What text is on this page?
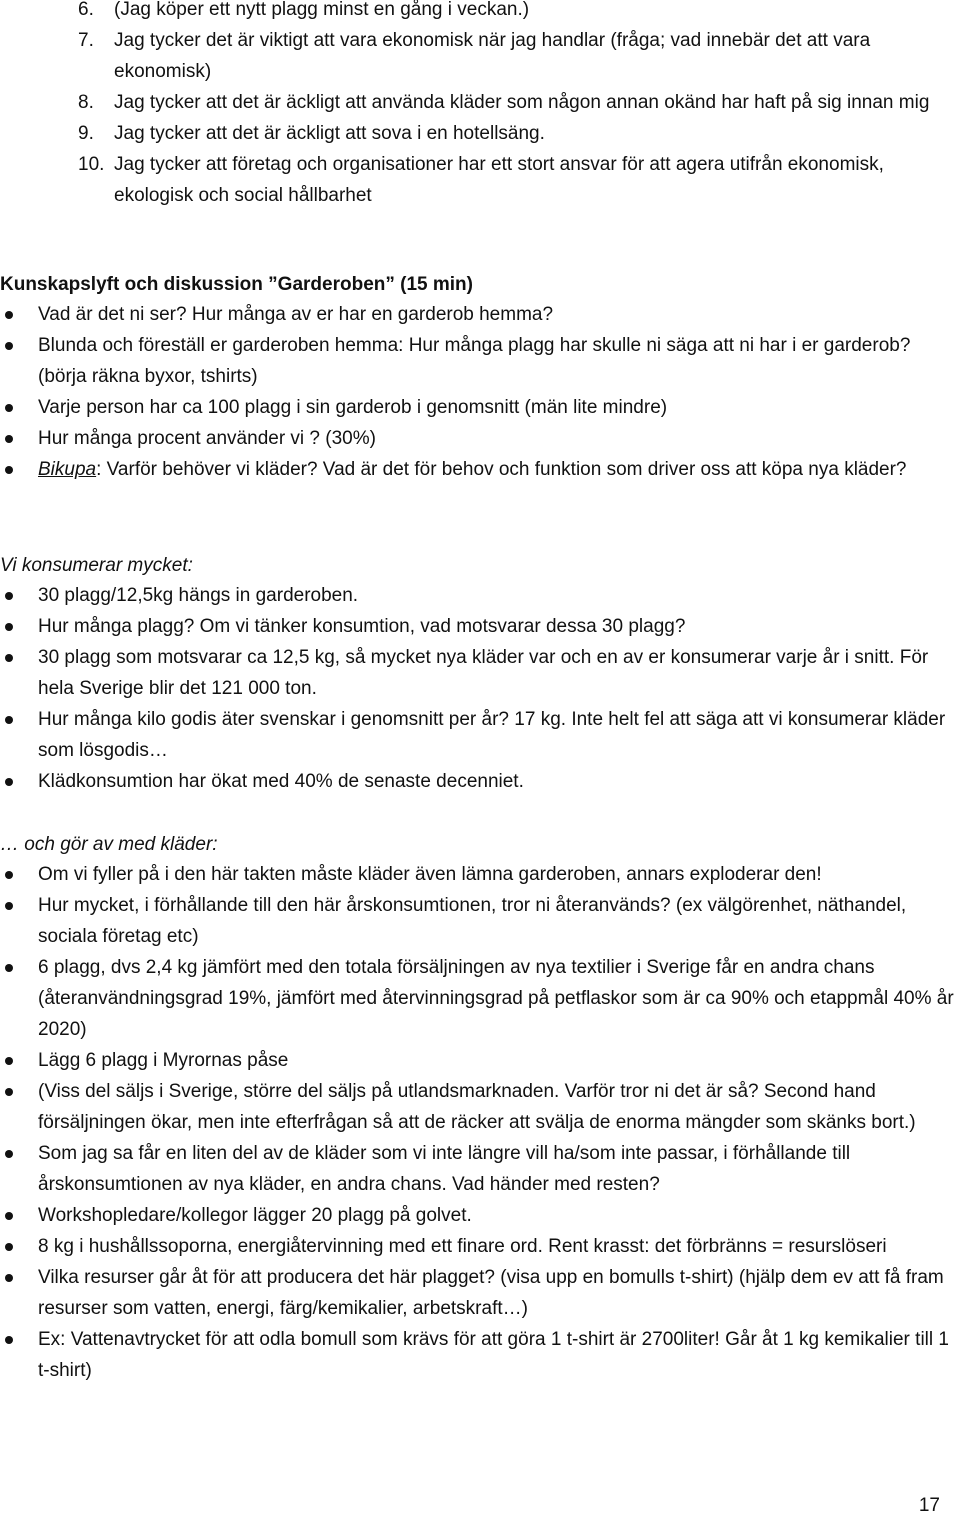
6. (Jag köper ett nytt plagg minst en gång i veckan.)
7. Jag tycker det är viktigt att vara ekonomisk när jag handlar (fråga; vad innebär det att vara ekonomisk)
8. Jag tycker att det är äckligt att använda kläder som någon annan okänd har haft på sig innan mig
9. Jag tycker att det är äckligt att sova i en hotellsäng.
10. Jag tycker att företag och organisationer har ett stort ansvar för att agera utifrån ekonomisk, ekologisk och social hållbarhet
Kunskapslyft och diskussion ”Garderoben” (15 min)
Vad är det ni ser? Hur många av er har en garderob hemma?
Blunda och föreställ er garderoben hemma: Hur många plagg har skulle ni säga att ni har i er garderob? (börja räkna byxor, tshirts)
Varje person har ca 100 plagg i sin garderob i genomsnitt (män lite mindre)
Hur många procent använder vi ? (30%)
Bikupa: Varför behöver vi kläder? Vad är det för behov och funktion som driver oss att köpa nya kläder?
Vi konsumerar mycket:
30 plagg/12,5kg hängs in garderoben.
Hur många plagg? Om vi tänker konsumtion, vad motsvarar dessa 30 plagg?
30 plagg som motsvarar ca 12,5 kg, så mycket nya kläder var och en av er konsumerar varje år i snitt. För hela Sverige blir det 121 000 ton.
Hur många kilo godis äter svenskar i genomsnitt per år? 17 kg. Inte helt fel att säga att vi konsumerar kläder som lösgodis…
Klädkonsumtion har ökat med 40% de senaste decenniet.
… och gör av med kläder:
Om vi fyller på i den här takten måste kläder även lämna garderoben, annars exploderar den!
Hur mycket, i förhållande till den här årskonsumtionen, tror ni återanvänds? (ex välgörenhet, näthandel, sociala företag etc)
6 plagg, dvs 2,4 kg jämfört med den totala försäljningen av nya textilier i Sverige får en andra chans (återanvändningsgrad 19%, jämfört med återvinningsgrad på petflaskor som är ca 90% och etappmål 40% år 2020)
Lägg 6 plagg i Myrornas påse
(Viss del säljs i Sverige, större del säljs på utlandsmarknaden. Varför tror ni det är så? Second hand försäljningen ökar, men inte efterfrågan så att de räcker att svälja de enorma mängder som skänks bort.)
Som jag sa får en liten del av de kläder som vi inte längre vill ha/som inte passar, i förhållande till årskonsumtionen av nya kläder, en andra chans. Vad händer med resten?
Workshopledare/kollegor lägger 20 plagg på golvet.
8 kg i hushållssoporna, energiåtervinning med ett finare ord. Rent krasst: det förbränns = resurslöseri
Vilka resurser går åt för att producera det här plagget? (visa upp en bomulls t-shirt) (hjälp dem ev att få fram resurser som vatten, energi, färg/kemikalier, arbetskraft…)
Ex: Vattenavtrycket för att odla bomull som krävs för att göra 1 t-shirt är 2700liter! Går åt 1 kg kemikalier till 1 t-shirt)
17
